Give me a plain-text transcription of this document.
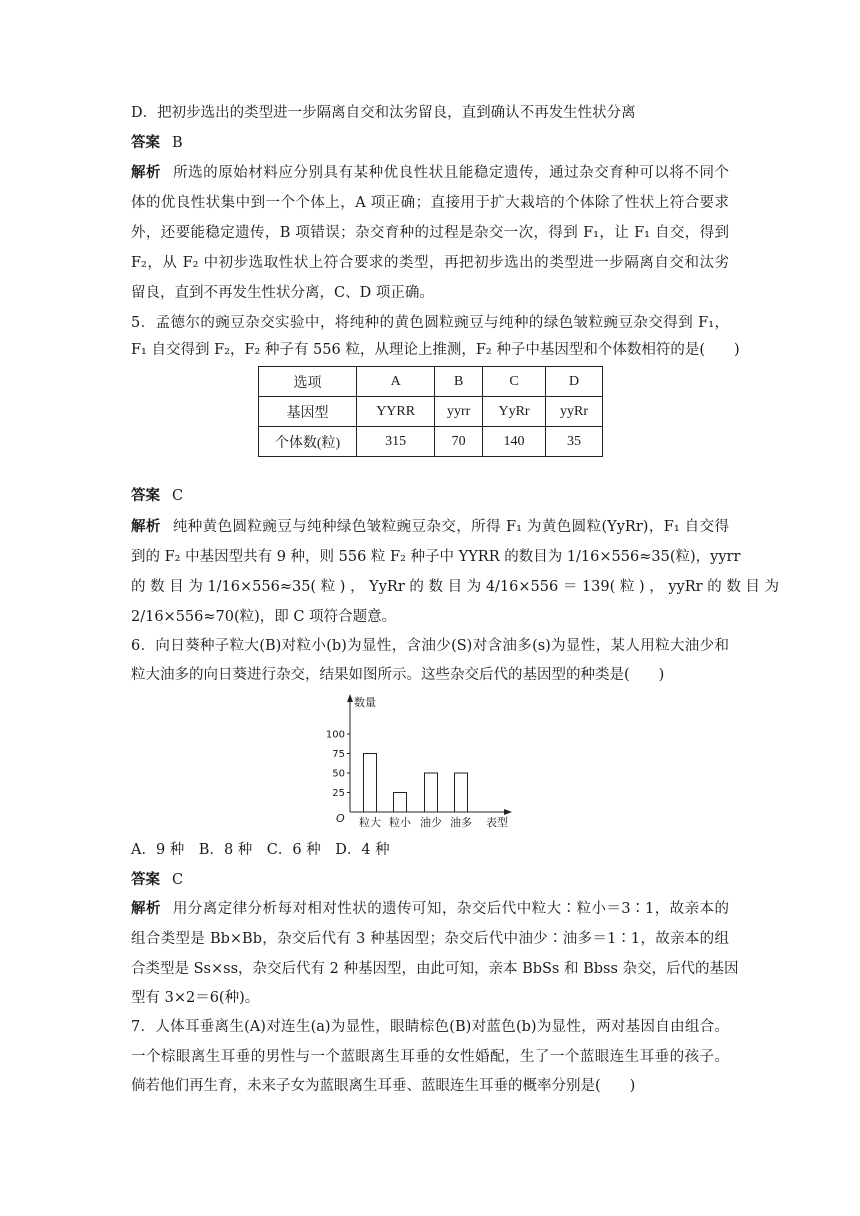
D．把初步选出的类型进一步隔离自交和汰劣留良，直到确认不再发生性状分离
答案 B
解析 所选的原始材料应分别具有某种优良性状且能稳定遗传，通过杂交育种可以将不同个
体的优良性状集中到一个个体上，A 项正确；直接用于扩大栽培的个体除了性状上符合要求
外，还要能稳定遗传，B 项错误；杂交育种的过程是杂交一次，得到 F₁，让 F₁ 自交，得到
F₂，从 F₂ 中初步选取性状上符合要求的类型，再把初步选出的类型进一步隔离自交和汰劣
留良，直到不再发生性状分离，C、D 项正确。
5．孟德尔的豌豆杂交实验中，将纯种的黄色圆粒豌豆与纯种的绿色皱粒豌豆杂交得到 F₁，
F₁ 自交得到 F₂，F₂ 种子有 556 粒，从理论上推测，F₂ 种子中基因型和个体数相符的是(　　)
选项	A	B	C	D
基因型	YYRR	yyrr	YyRr	yyRr
个体数(粒)	315	70	140	35
答案 C
解析 纯种黄色圆粒豌豆与纯种绿色皱粒豌豆杂交，所得 F₁ 为黄色圆粒(YyRr)，F₁ 自交得
到的 F₂ 中基因型共有 9 种，则 556 粒 F₂ 种子中 YYRR 的数目为 1/16×556≈35(粒)，yyrr
的 数 目 为 1/16×556≈35( 粒 ) ， YyRr 的 数 目 为 4/16×556 ＝ 139( 粒 ) ， yyRr 的 数 目 为
2/16×556≈70(粒)，即 C 项符合题意。
6．向日葵种子粒大(B)对粒小(b)为显性，含油少(S)对含油多(s)为显性，某人用粒大油少和
粒大油多的向日葵进行杂交，结果如图所示。这些杂交后代的基因型的种类是(　　)
数量
表型
O
25
50
75
100
粒大 粒小 油少 油多
A．9 种　B．8 种　C．6 种　D．4 种
答案 C
解析 用分离定律分析每对相对性状的遗传可知，杂交后代中粒大∶粒小＝3∶1，故亲本的
组合类型是 Bb×Bb，杂交后代有 3 种基因型；杂交后代中油少∶油多＝1∶1，故亲本的组
合类型是 Ss×ss，杂交后代有 2 种基因型，由此可知，亲本 BbSs 和 Bbss 杂交，后代的基因
型有 3×2＝6(种)。
7．人体耳垂离生(A)对连生(a)为显性，眼睛棕色(B)对蓝色(b)为显性，两对基因自由组合。
一个棕眼离生耳垂的男性与一个蓝眼离生耳垂的女性婚配，生了一个蓝眼连生耳垂的孩子。
倘若他们再生育，未来子女为蓝眼离生耳垂、蓝眼连生耳垂的概率分别是(　　)
